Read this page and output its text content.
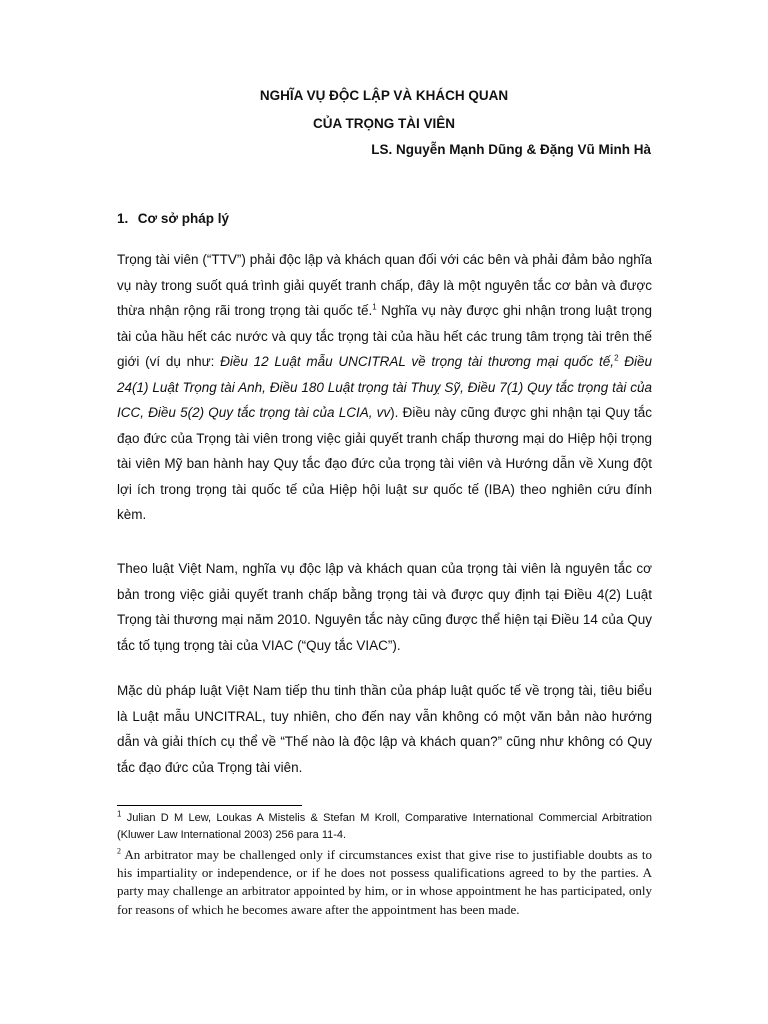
NGHĨA VỤ ĐỘC LẬP VÀ KHÁCH QUAN
CỦA TRỌNG TÀI VIÊN
LS. Nguyễn Mạnh Dũng & Đặng Vũ Minh Hà
1. Cơ sở pháp lý

Trọng tài viên (“TTV”) phải độc lập và khách quan đối với các bên và phải đảm bảo nghĩa vụ này trong suốt quá trình giải quyết tranh chấp, đây là một nguyên tắc cơ bản và được thừa nhận rộng rãi trong trọng tài quốc tế.$^1$ Nghĩa vụ này được ghi nhận trong luật trọng tài của hầu hết các nước và quy tắc trọng tài của hầu hết các trung tâm trọng tài trên thế giới (ví dụ như: Điều 12 Luật mẫu UNCITRAL về trọng tài thương mại quốc tế,$^2$ Điều 24(1) Luật Trọng tài Anh, Điều 180 Luật trọng tài Thuỵ Sỹ, Điều 7(1) Quy tắc trọng tài của ICC, Điều 5(2) Quy tắc trọng tài của LCIA, vv). Điều này cũng được ghi nhận tại Quy tắc đạo đức của Trọng tài viên trong việc giải quyết tranh chấp thương mại do Hiệp hội trọng tài viên Mỹ ban hành hay Quy tắc đạo đức của trọng tài viên và Hướng dẫn về Xung đột lợi ích trong trọng tài quốc tế của Hiệp hội luật sư quốc tế (IBA) theo nghiên cứu đính kèm.

Theo luật Việt Nam, nghĩa vụ độc lập và khách quan của trọng tài viên là nguyên tắc cơ bản trong việc giải quyết tranh chấp bằng trọng tài và được quy định tại Điều 4(2) Luật Trọng tài thương mại năm 2010. Nguyên tắc này cũng được thể hiện tại Điều 14 của Quy tắc tố tụng trọng tài của VIAC (“Quy tắc VIAC”).

Mặc dù pháp luật Việt Nam tiếp thu tinh thần của pháp luật quốc tế về trọng tài, tiêu biểu là Luật mẫu UNCITRAL, tuy nhiên, cho đến nay vẫn không có một văn bản nào hướng dẫn và giải thích cụ thể về “Thế nào là độc lập và khách quan?” cũng như không có Quy tắc đạo đức của Trọng tài viên.

$^1$ Julian D M Lew, Loukas A Mistelis & Stefan M Kroll, Comparative International Commercial Arbitration (Kluwer Law International 2003) 256 para 11-4.
$^2$ An arbitrator may be challenged only if circumstances exist that give rise to justifiable doubts as to his impartiality or independence, or if he does not possess qualifications agreed to by the parties. A party may challenge an arbitrator appointed by him, or in whose appointment he has participated, only for reasons of which he becomes aware after the appointment has been made.
